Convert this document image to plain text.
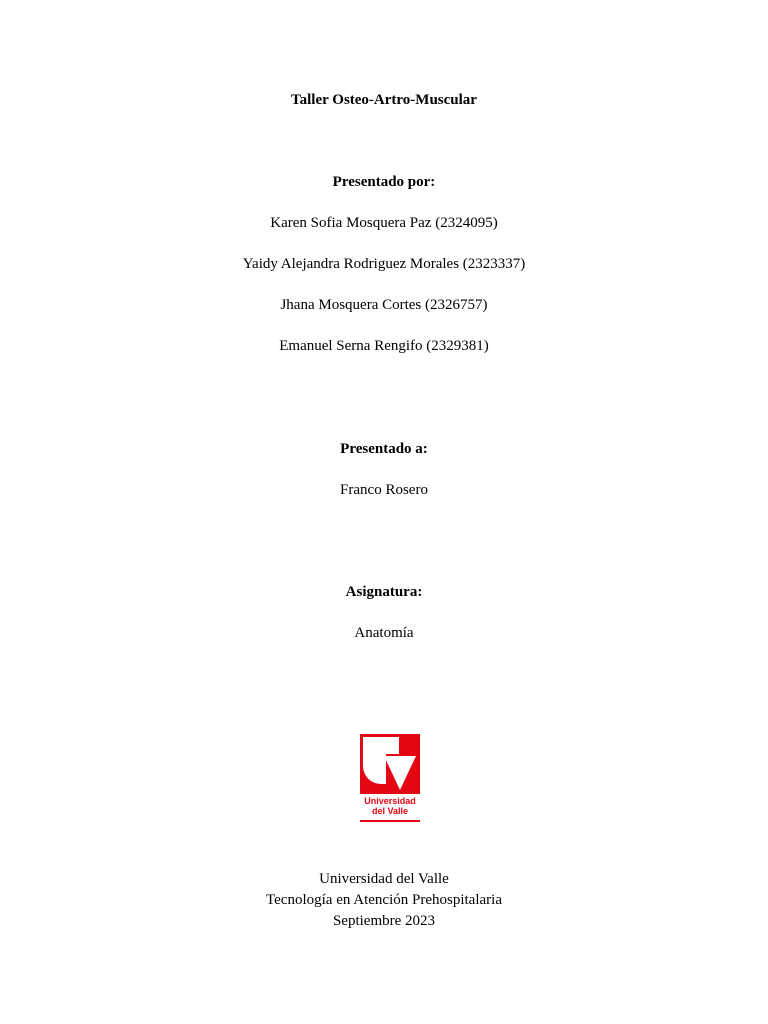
Taller Osteo-Artro-Muscular
Presentado por:
Karen Sofia Mosquera Paz (2324095)
Yaidy Alejandra Rodriguez Morales (2323337)
Jhana Mosquera Cortes (2326757)
Emanuel Serna Rengifo (2329381)
Presentado a:
Franco Rosero
Asignatura:
Anatomía
Universidad
del Valle
Universidad del Valle
Tecnología en Atención Prehospitalaria
Septiembre 2023
